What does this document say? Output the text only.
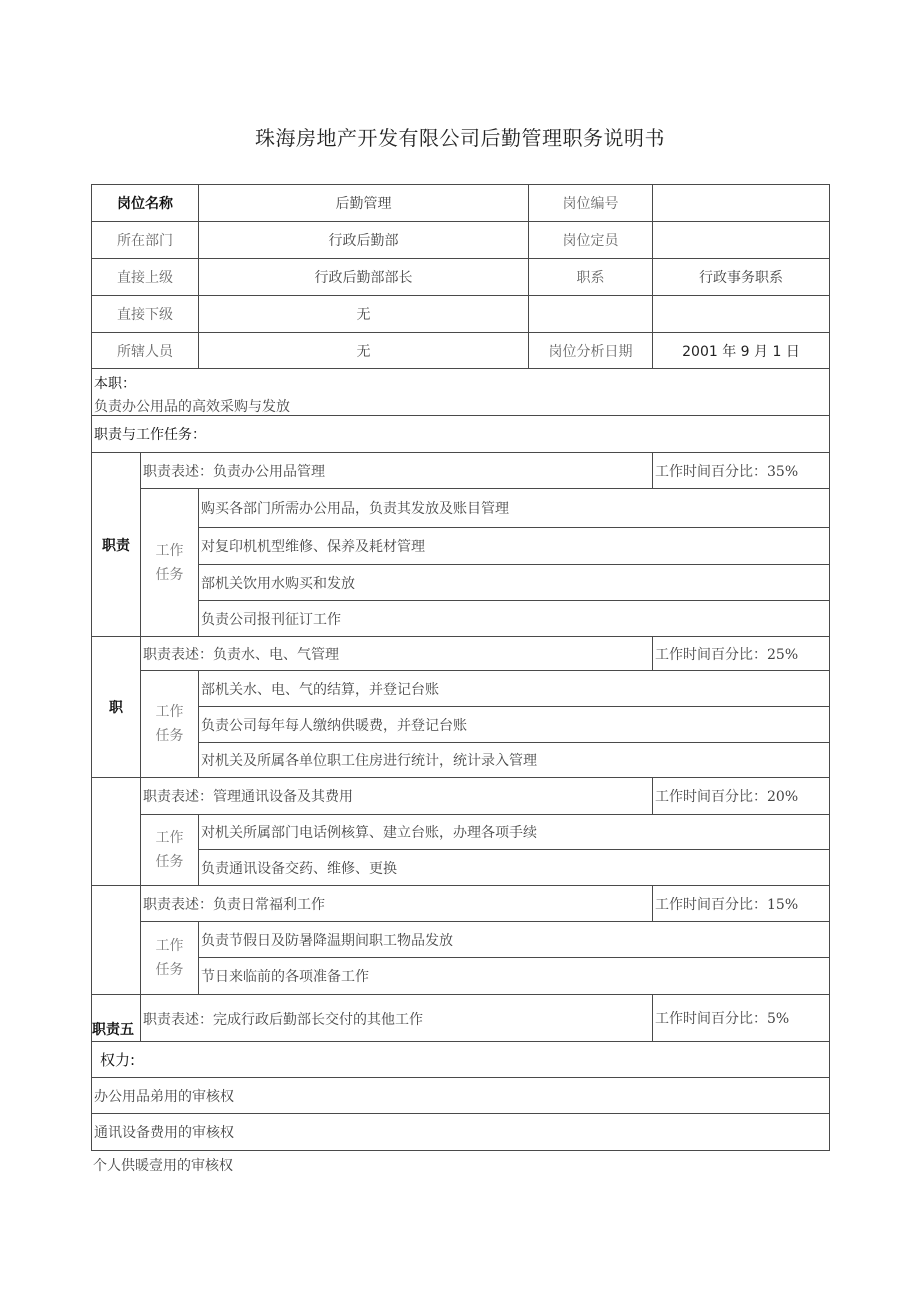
珠海房地产开发有限公司后勤管理职务说明书
岗位名称	后勤管理	岗位编号
所在部门	行政后勤部	岗位定员
直接上级	行政后勤部部长	职系	行政事务职系
直接下级	无
所辖人员	无	岗位分析日期	2001 年 9 月 1 日
本职：
负责办公用品的高效采购与发放
职责与工作任务：
职责
职责表述：负责办公用品管理	工作时间百分比：35%
工作
任务
购买各部门所需办公用品，负责其发放及账目管理
对复印机机型维修、保养及耗材管理
部机关饮用水购买和发放
负责公司报刊征订工作
职
职责表述：负责水、电、气管理	工作时间百分比：25%
工作
任务
部机关水、电、气的结算，并登记台账
负责公司每年每人缴纳供暖费，并登记台账
对机关及所属各单位职工住房进行统计，统计录入管理
职责表述：管理通讯设备及其费用	工作时间百分比：20%
工作
任务
对机关所属部门电话例核算、建立台账，办理各项手续
负责通讯设备交药、维修、更换
职责表述：负责日常福利工作	工作时间百分比：15%
工作
任务
负责节假日及防暑降温期间职工物品发放
节日来临前的各项准备工作
职责五
职责表述：完成行政后勤部长交付的其他工作	工作时间百分比：5%
权力:
办公用品弟用的审核权
通讯设备费用的审核权
个人供暖壹用的审核权
